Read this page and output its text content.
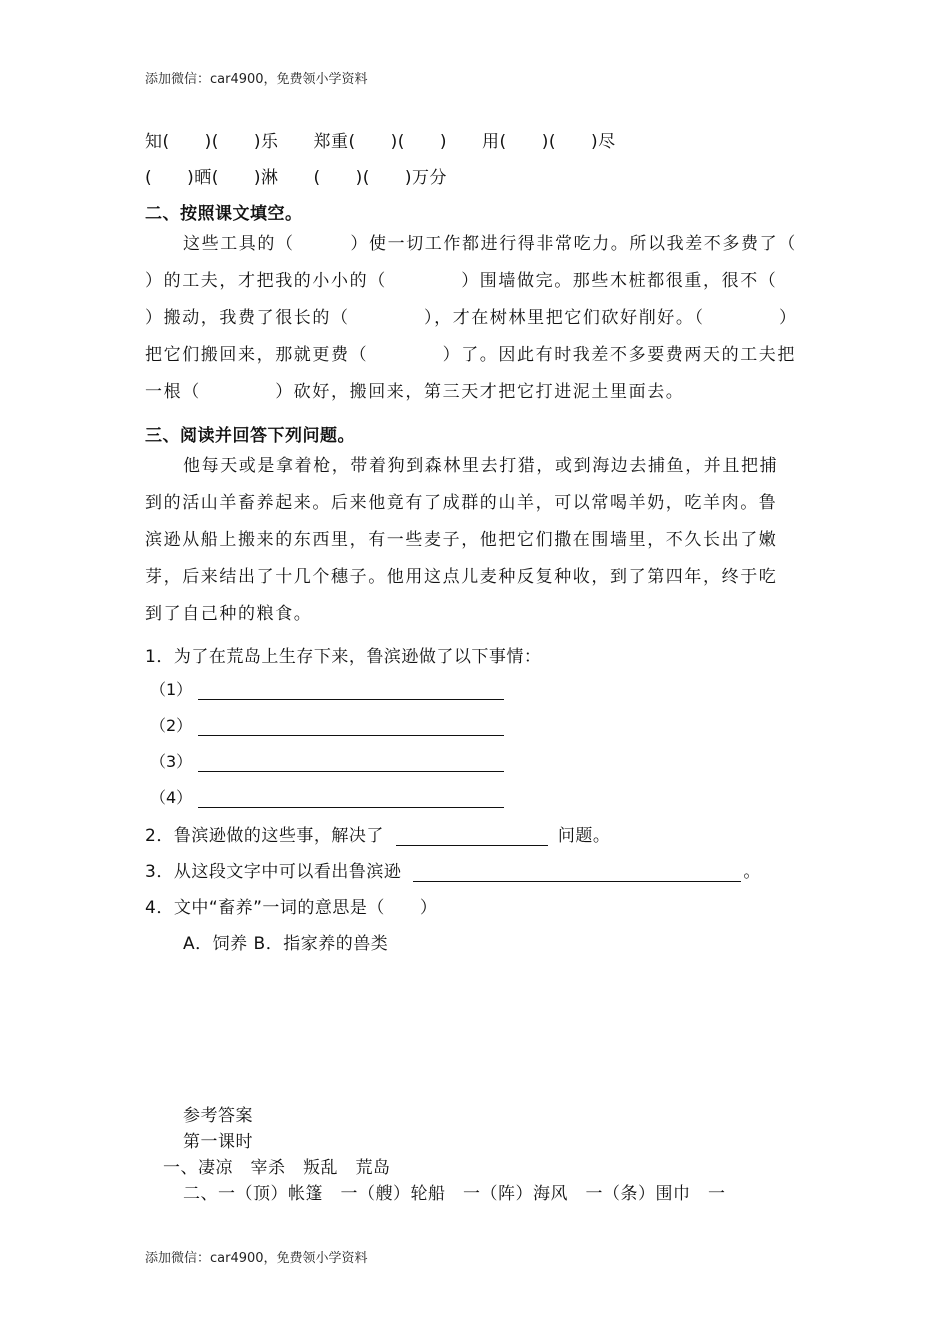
添加微信：car4900，免费领小学资料
知(　　)(　　)乐　　郑重(　　)(　　)　　用(　　)(　　)尽
(　　)晒(　　)淋　　(　　)(　　)万分
二、按照课文填空。

这些工具的（　　　）使一切工作都进行得非常吃力。所以我差不多费了（

）的工夫，才把我的小小的（　　　　）围墙做完。那些木桩都很重，很不（

）搬动，我费了很长的（　　　　），才在树林里把它们砍好削好。（　　　　）

把它们搬回来，那就更费（　　　　）了。因此有时我差不多要费两天的工夫把

一根（　　　　）砍好，搬回来，第三天才把它打进泥土里面去。

三、阅读并回答下列问题。

他每天或是拿着枪，带着狗到森林里去打猎，或到海边去捕鱼，并且把捕

到的活山羊畜养起来。后来他竟有了成群的山羊，可以常喝羊奶，吃羊肉。鲁

滨逊从船上搬来的东西里，有一些麦子，他把它们撒在围墙里，不久长出了嫩

芽，后来结出了十几个穗子。他用这点儿麦种反复种收，到了第四年，终于吃

到了自己种的粮食。

1．为了在荒岛上生存下来，鲁滨逊做了以下事情：
（1）
（2）
（3）
（4）
2．鲁滨逊做的这些事，解决了	问题。
3．从这段文字中可以看出鲁滨逊	。
4．文中“畜养”一词的意思是（　　）
A．饲养 B．指家养的兽类
参考答案
第一课时
一、凄凉　宰杀　叛乱　荒岛
二、一（顶）帐篷　一（艘）轮船　一（阵）海风　一（条）围巾　一
添加微信：car4900，免费领小学资料
